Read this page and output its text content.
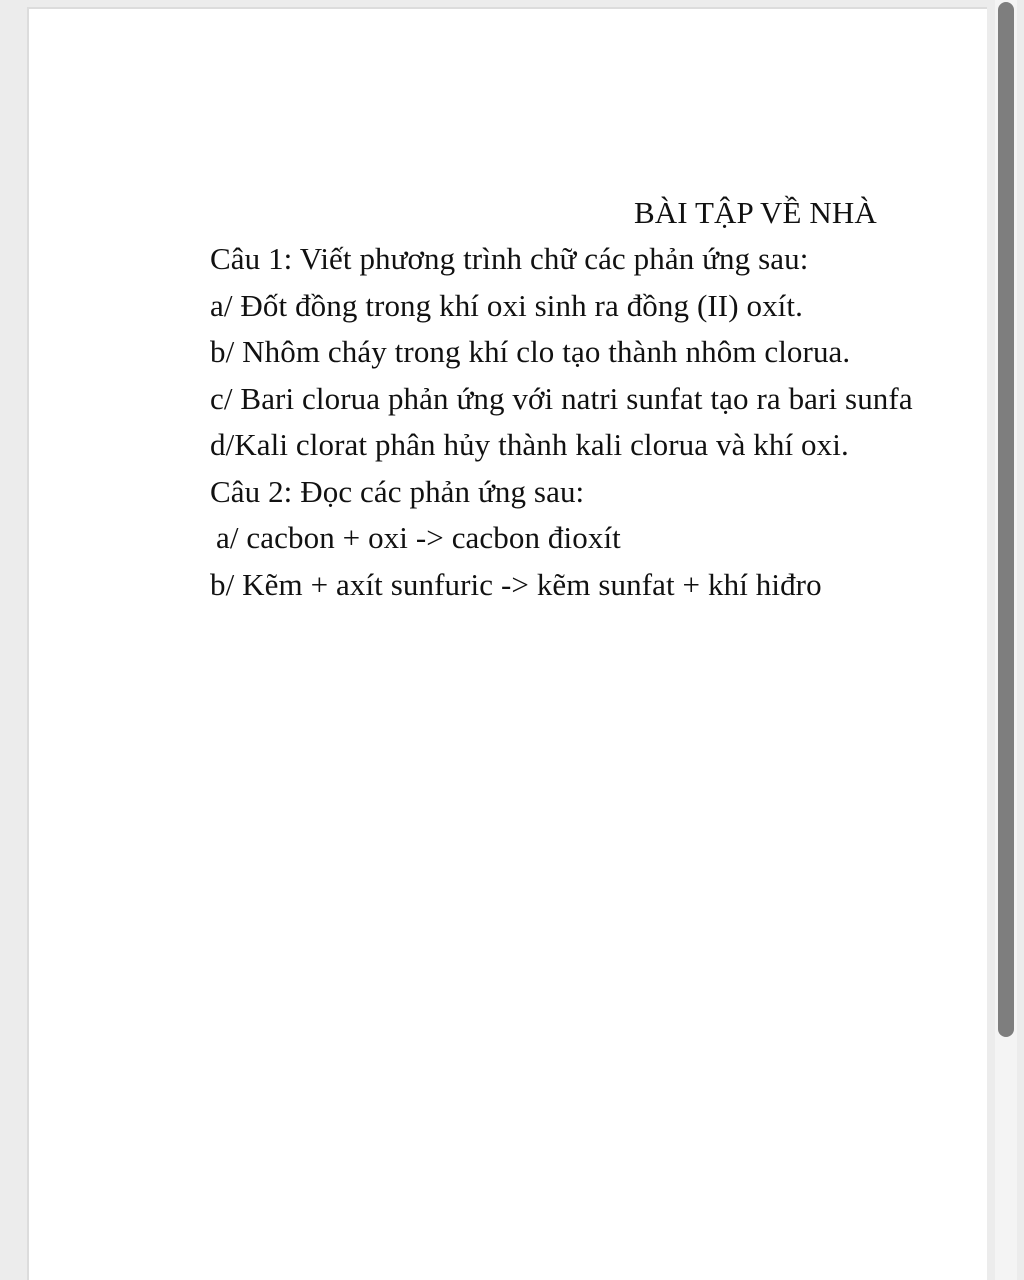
BÀI TẬP VỀ NHÀ
Câu 1: Viết phương trình chữ các phản ứng sau:
a/ Đốt đồng trong khí oxi sinh ra đồng (II) oxít.
b/ Nhôm cháy trong khí clo tạo thành nhôm clorua.
c/ Bari clorua phản ứng với natri sunfat tạo ra bari sunfa
d/Kali clorat phân hủy thành kali clorua và khí oxi.
Câu 2: Đọc các phản ứng sau:
a/ cacbon + oxi -> cacbon đioxít
b/ Kẽm + axít sunfuric -> kẽm sunfat + khí hiđro
